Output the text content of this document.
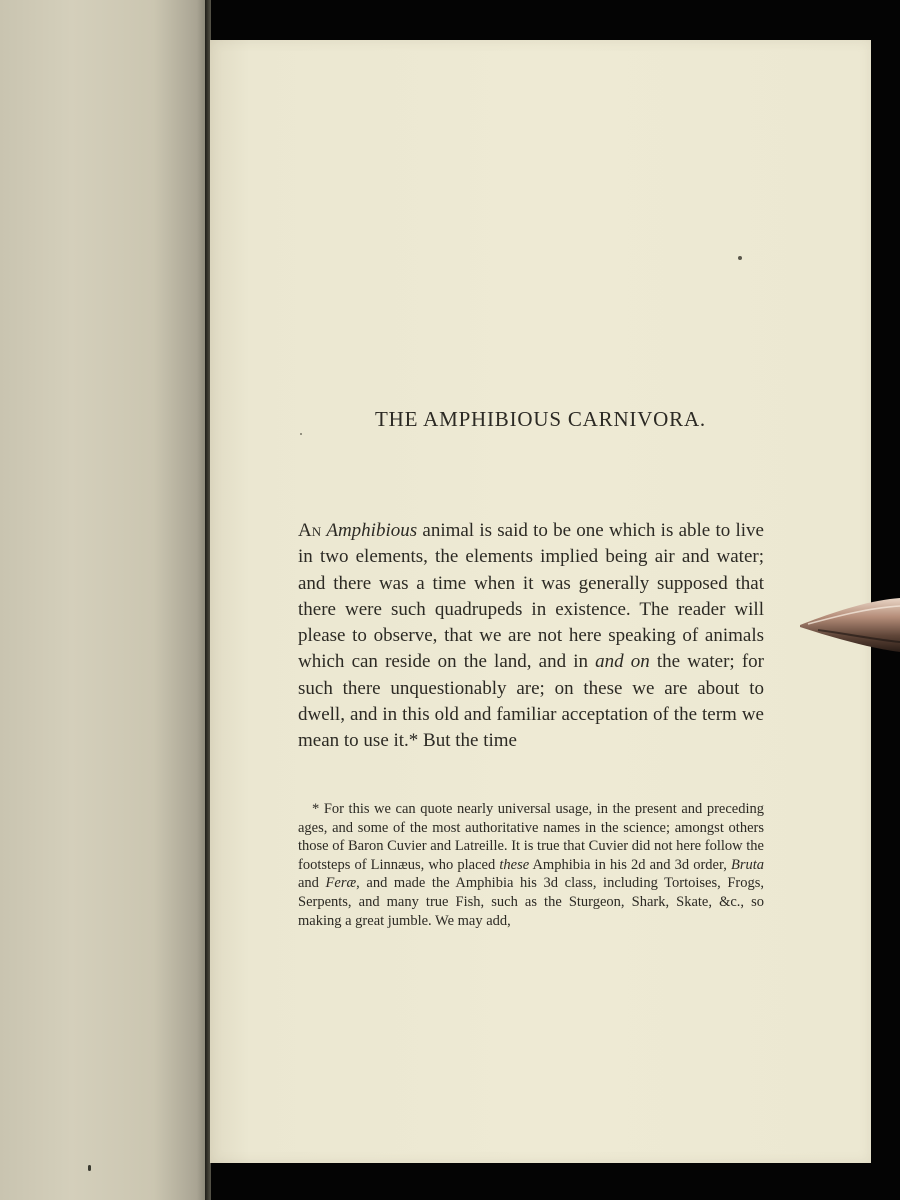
THE AMPHIBIOUS CARNIVORA.

An Amphibious animal is said to be one which is able to live in two elements, the elements implied being air and water; and there was a time when it was generally supposed that there were such quadrupeds in existence. The reader will please to observe, that we are not here speaking of animals which can reside on the land, and in and on the water; for such there unquestionably are; on these we are about to dwell, and in this old and familiar acceptation of the term we mean to use it.* But the time

* For this we can quote nearly universal usage, in the present and preceding ages, and some of the most authoritative names in the science; amongst others those of Baron Cuvier and Latreille. It is true that Cuvier did not here follow the footsteps of Linnæus, who placed these Amphibia in his 2d and 3d order, Bruta and Feræ, and made the Amphibia his 3d class, including Tortoises, Frogs, Serpents, and many true Fish, such as the Sturgeon, Shark, Skate, &c., so making a great jumble. We may add,
